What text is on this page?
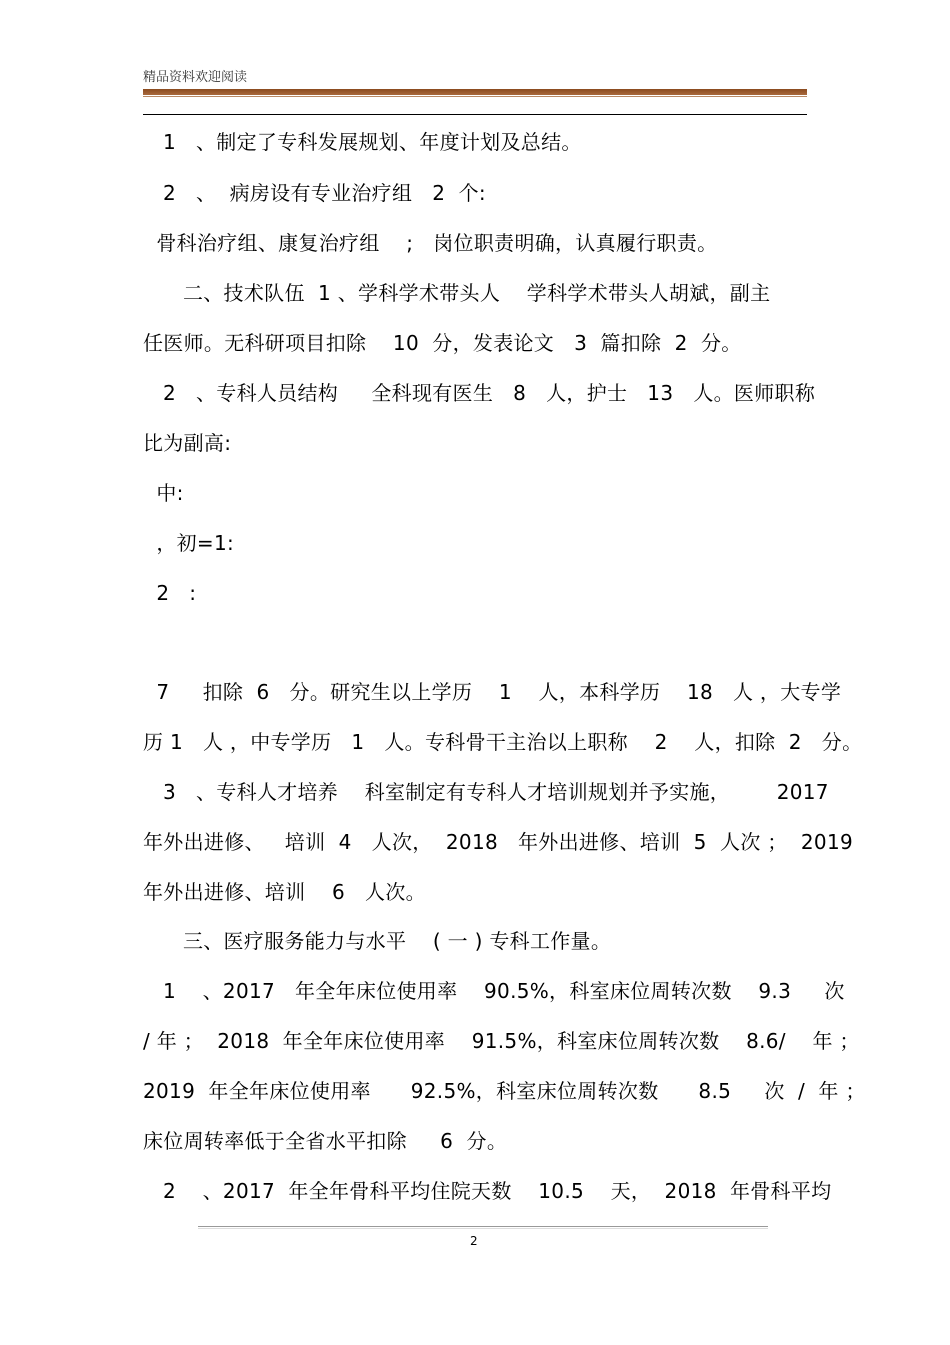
精品资料欢迎阅读
1   、制定了专科发展规划、年度计划及总结。
2   、  病房设有专业治疗组   2  个:
骨科治疗组、康复治疗组    ;   岗位职责明确，认真履行职责。
二、技术队伍  1 、学科学术带头人    学科学术带头人胡斌，副主
任医师。无科研项目扣除    10  分，发表论文   3  篇扣除  2  分。
2   、专科人员结构     全科现有医生   8   人，护士   13   人。医师职称
比为副高:
中:
，初=1:
2   :
7     扣除  6   分。研究生以上学历    1    人，本科学历    18   人 ，大专学
历 1   人 ，中专学历   1   人。专科骨干主治以上职称    2    人，扣除  2   分。
3   、专科人才培养    科室制定有专科人才培训规划并予实施，       2017
年外出进修、   培训  4   人次，  2018   年外出进修、培训  5  人次 ；  2019
年外出进修、培训    6   人次。
三、医疗服务能力与水平    ( 一 ) 专科工作量。
1    、2017   年全年床位使用率    90.5%，科室床位周转次数    9.3     次
/ 年 ；  2018  年全年床位使用率    91.5%，科室床位周转次数    8.6/    年 ；
2019  年全年床位使用率      92.5%，科室床位周转次数      8.5     次  /  年 ；
床位周转率低于全省水平扣除     6  分。
2    、2017  年全年骨科平均住院天数    10.5    天，  2018  年骨科平均
2
